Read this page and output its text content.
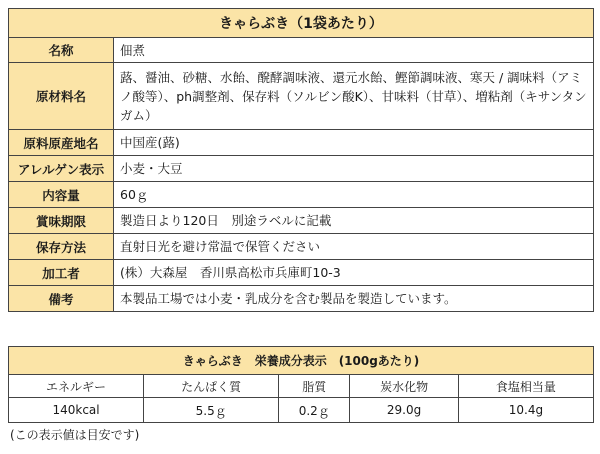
きゃらぶき（1袋あたり）	
名称	佃煮
原材料名	蕗、醤油、砂糖、水飴、醗酵調味液、還元水飴、鰹節調味液、寒天 / 調味料（アミノ酸等）、ph調整剤、保存料（ソルビン酸K）、甘味料（甘草）、増粘剤（キサンタンガム）
原料原産地名	中国産(蕗)
アレルゲン表示	小麦・大豆
内容量	60ｇ
賞味期限	製造日より120日　別途ラベルに記載
保存方法	直射日光を避け常温で保管ください
加工者	(株）大森屋　香川県高松市兵庫町10-3
備考	本製品工場では小麦・乳成分を含む製品を製造しています。
きゃらぶき　栄養成分表示　(100gあたり)				
エネルギー	たんぱく質	脂質	炭水化物	食塩相当量
140kcal	5.5ｇ	0.2ｇ	29.0g	10.4g
(この表示値は目安です)
